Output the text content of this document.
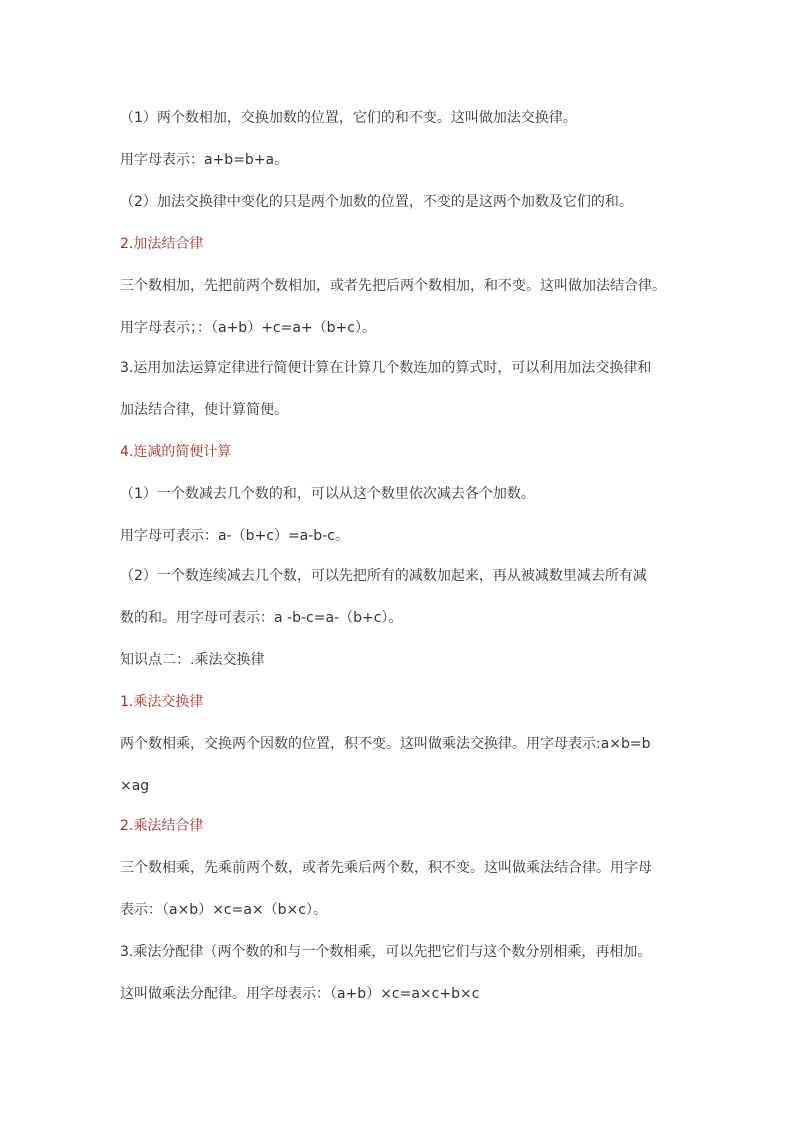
（1）两个数相加，交换加数的位置，它们的和不变。这叫做加法交换律。
用字母表示：a+b=b+a。
（2）加法交换律中变化的只是两个加数的位置，不变的是这两个加数及它们的和。
2.加法结合律
三个数相加，先把前两个数相加，或者先把后两个数相加，和不变。这叫做加法结合律。
用字母表示；：（a+b）+c=a+（b+c）。
3.运用加法运算定律进行简便计算在计算几个数连加的算式时，可以利用加法交换律和
加法结合律，使计算简便。
4.连减的简便计算
（1）一个数减去几个数的和，可以从这个数里依次减去各个加数。
用字母可表示：a-（b+c）=a-b-c。
（2）一个数连续减去几个数，可以先把所有的减数加起来，再从被减数里减去所有减
数的和。用字母可表示：a -b-c=a-（b+c）。
知识点二：.乘法交换律
1.乘法交换律
两个数相乘，交换两个因数的位置，积不变。这叫做乘法交换律。用字母表示:a×b=b
×ag
2.乘法结合律
三个数相乘，先乘前两个数，或者先乘后两个数，积不变。这叫做乘法结合律。用字母
表示：（a×b）×c=a×（b×c）。
3.乘法分配律（两个数的和与一个数相乘，可以先把它们与这个数分别相乘，再相加。
这叫做乘法分配律。用字母表示：（a+b）×c=a×c+b×c
